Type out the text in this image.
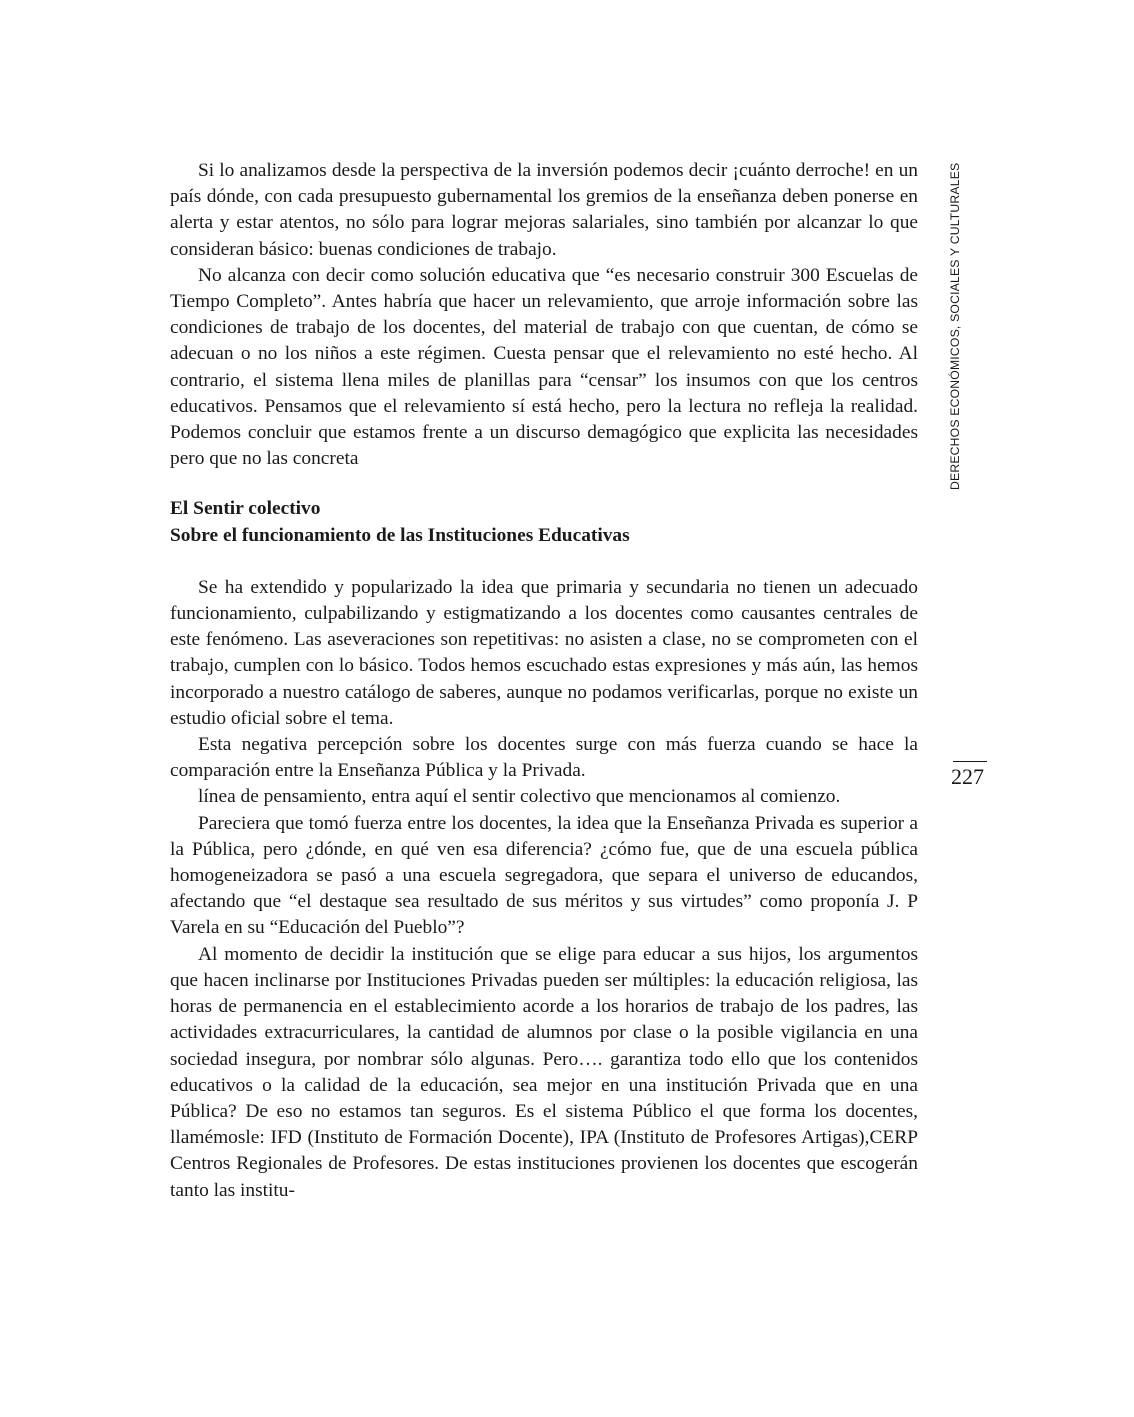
Si lo analizamos desde la perspectiva de la inversión podemos decir ¡cuánto derroche! en un país dónde, con cada presupuesto gubernamental los gremios de la enseñanza deben ponerse en alerta y estar atentos, no sólo para lograr mejoras salariales, sino también por alcanzar lo que consideran básico: buenas condiciones de trabajo.

No alcanza con decir como solución educativa que “es necesario construir 300 Escuelas de Tiempo Completo”. Antes habría que hacer un relevamiento, que arroje información sobre las condiciones de trabajo de los docentes, del material de trabajo con que cuentan, de cómo se adecuan o no los niños a este régimen. Cuesta pensar que el relevamiento no esté hecho. Al contrario, el sistema llena miles de planillas para “censar” los insumos con que los centros educativos. Pensamos que el relevamiento sí está hecho, pero la lectura no refleja la realidad. Podemos concluir que estamos frente a un discurso demagógico que explicita las necesidades pero que no las concreta

El Sentir colectivo
Sobre el funcionamiento de las Instituciones Educativas

Se ha extendido y popularizado la idea que primaria y secundaria no tienen un adecuado funcionamiento, culpabilizando y estigmatizando a los docentes como causantes centrales de este fenómeno. Las aseveraciones son repetitivas: no asisten a clase, no se comprometen con el trabajo, cumplen con lo básico. Todos hemos escuchado estas expresiones y más aún, las hemos incorporado a nuestro catálogo de saberes, aunque no podamos verificarlas, porque no existe un estudio oficial sobre el tema.

Esta negativa percepción sobre los docentes surge con más fuerza cuando se hace la comparación entre la Enseñanza Pública y la Privada.

línea de pensamiento, entra aquí el sentir colectivo que mencionamos al comienzo.

Pareciera que tomó fuerza entre los docentes, la idea que la Enseñanza Privada es superior a la Pública, pero ¿dónde, en qué ven esa diferencia? ¿cómo fue, que de una escuela pública homogeneizadora se pasó a una escuela segregadora, que separa el universo de educandos, afectando que “el destaque sea resultado de sus méritos y sus virtudes” como proponía J. P Varela en su “Educación del Pueblo”?

Al momento de decidir la institución que se elige para educar a sus hijos, los argumentos que hacen inclinarse por Instituciones Privadas pueden ser múltiples: la educación religiosa, las horas de permanencia en el establecimiento acorde a los horarios de trabajo de los padres, las actividades extracurriculares, la cantidad de alumnos por clase o la posible vigilancia en una sociedad insegura, por nombrar sólo algunas. Pero…. garantiza todo ello que los contenidos educativos o la calidad de la educación, sea mejor en una institución Privada que en una Pública? De eso no estamos tan seguros. Es el sistema Público el que forma los docentes, llamémosle: IFD (Instituto de Formación Docente), IPA (Instituto de Profesores Artigas),CERP Centros Regionales de Profesores. De estas instituciones provienen los docentes que escogerán tanto las institu-

DERECHOS ECONÓMICOS, SOCIALES Y CULTURALES
227
